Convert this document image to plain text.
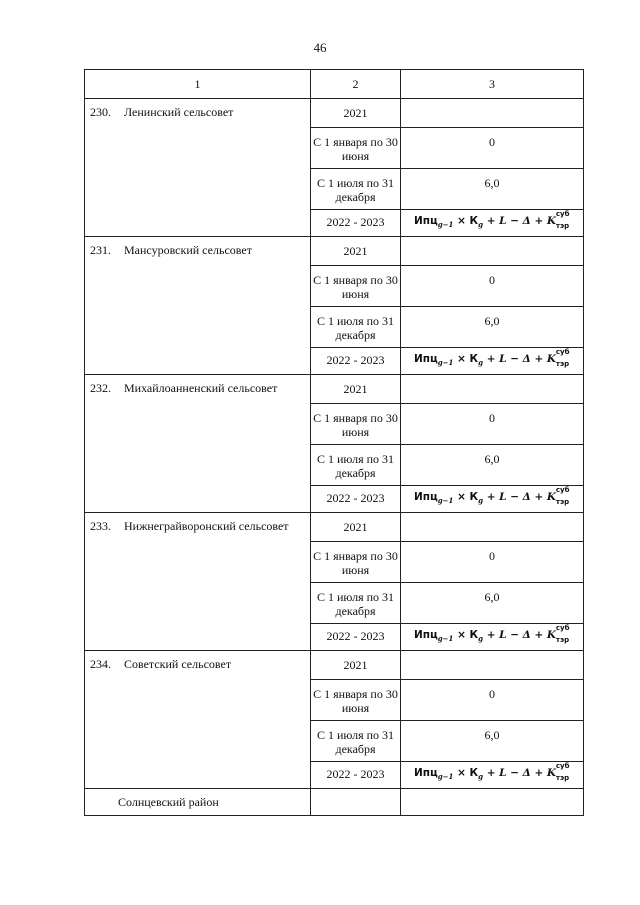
46
1	2	3

230. Ленинский сельсовет	2021	

	С 1 января по 30 июня	0

	С 1 июля по 31 декабря	6,0

	2022 - 2023	$Ипц_{g-1} \times К_g + L - \Delta + K$
суб
тэр

231. Мансуровский сельсовет	2021	

	С 1 января по 30 июня	0

	С 1 июля по 31 декабря	6,0

	2022 - 2023	$Ипц_{g-1} \times К_g + L - \Delta + K$
суб
тэр

232. Михайлоанненский сельсовет	2021	

	С 1 января по 30 июня	0

	С 1 июля по 31 декабря	6,0

	2022 - 2023	$Ипц_{g-1} \times К_g + L - \Delta + K$
суб
тэр

233. Нижнеграйворонский сельсовет	2021	

	С 1 января по 30 июня	0

	С 1 июля по 31 декабря	6,0

	2022 - 2023	$Ипц_{g-1} \times К_g + L - \Delta + K$
суб
тэр

234. Советский сельсовет	2021	

	С 1 января по 30 июня	0

	С 1 июля по 31 декабря	6,0

	2022 - 2023	$Ипц_{g-1} \times К_g + L - \Delta + K$
суб
тэр

Солнцевский район		
